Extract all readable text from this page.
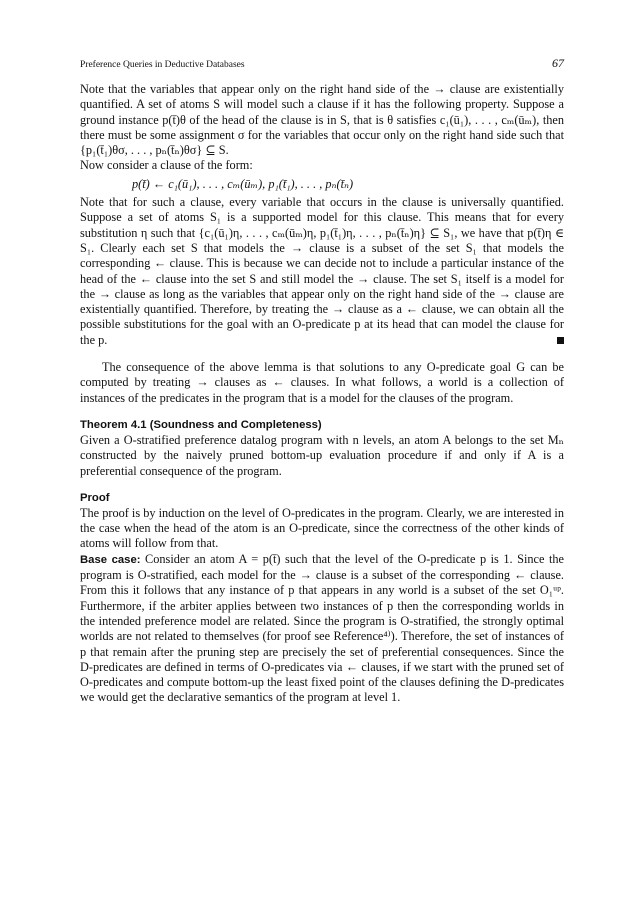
Preference Queries in Deductive Databases	67

Note that the variables that appear only on the right hand side of the → clause are existentially quantified. A set of atoms S will model such a clause if it has the following property. Suppose a ground instance p(t̄)θ of the head of the clause is in S, that is θ satisfies c₁(ū₁), . . . , cₘ(ūₘ), then there must be some assignment σ for the variables that occur only on the right hand side such that {p₁(t̄₁)θσ, . . . , pₙ(t̄ₙ)θσ} ⊆ S.

Now consider a clause of the form:

p(t̄) ← c₁(ū₁), . . . , cₘ(ūₘ), p₁(t̄₁), . . . , pₙ(t̄ₙ)

Note that for such a clause, every variable that occurs in the clause is universally quantified. Suppose a set of atoms S₁ is a supported model for this clause. This means that for every substitution η such that {c₁(ū₁)η, . . . , cₘ(ūₘ)η, p₁(t̄₁)η, . . . , pₙ(t̄ₙ)η} ⊆ S₁, we have that p(t̄)η ∈ S₁. Clearly each set S that models the → clause is a subset of the set S₁ that models the corresponding ← clause. This is because we can decide not to include a particular instance of the head of the ← clause into the set S and still model the → clause. The set S₁ itself is a model for the → clause as long as the variables that appear only on the right hand side of the → clause are existentially quantified. Therefore, by treating the → clause as a ← clause, we can obtain all the possible substitutions for the goal with an O-predicate p at its head that can model the clause for the p.

The consequence of the above lemma is that solutions to any O-predicate goal G can be computed by treating → clauses as ← clauses. In what follows, a world is a collection of instances of the predicates in the program that is a model for the clauses of the program.

Theorem 4.1 (Soundness and Completeness)

Given a O-stratified preference datalog program with n levels, an atom A belongs to the set Mₙ constructed by the naively pruned bottom-up evaluation procedure if and only if A is a preferential consequence of the program.

Proof

The proof is by induction on the level of O-predicates in the program. Clearly, we are interested in the case when the head of the atom is an O-predicate, since the correctness of the other kinds of atoms will follow from that.

Base case: Consider an atom A = p(t̄) such that the level of the O-predicate p is 1. Since the program is O-stratified, each model for the → clause is a subset of the corresponding ← clause. From this it follows that any instance of p that appears in any world is a subset of the set O₁ᵘᵖ. Furthermore, if the arbiter applies between two instances of p then the corresponding worlds in the intended preference model are related. Since the program is O-stratified, the strongly optimal worlds are not related to themselves (for proof see Reference⁴⁾). Therefore, the set of instances of p that remain after the pruning step are precisely the set of preferential consequences. Since the D-predicates are defined in terms of O-predicates via ← clauses, if we start with the pruned set of O-predicates and compute bottom-up the least fixed point of the clauses defining the D-predicates we would get the declarative semantics of the program at level 1.
